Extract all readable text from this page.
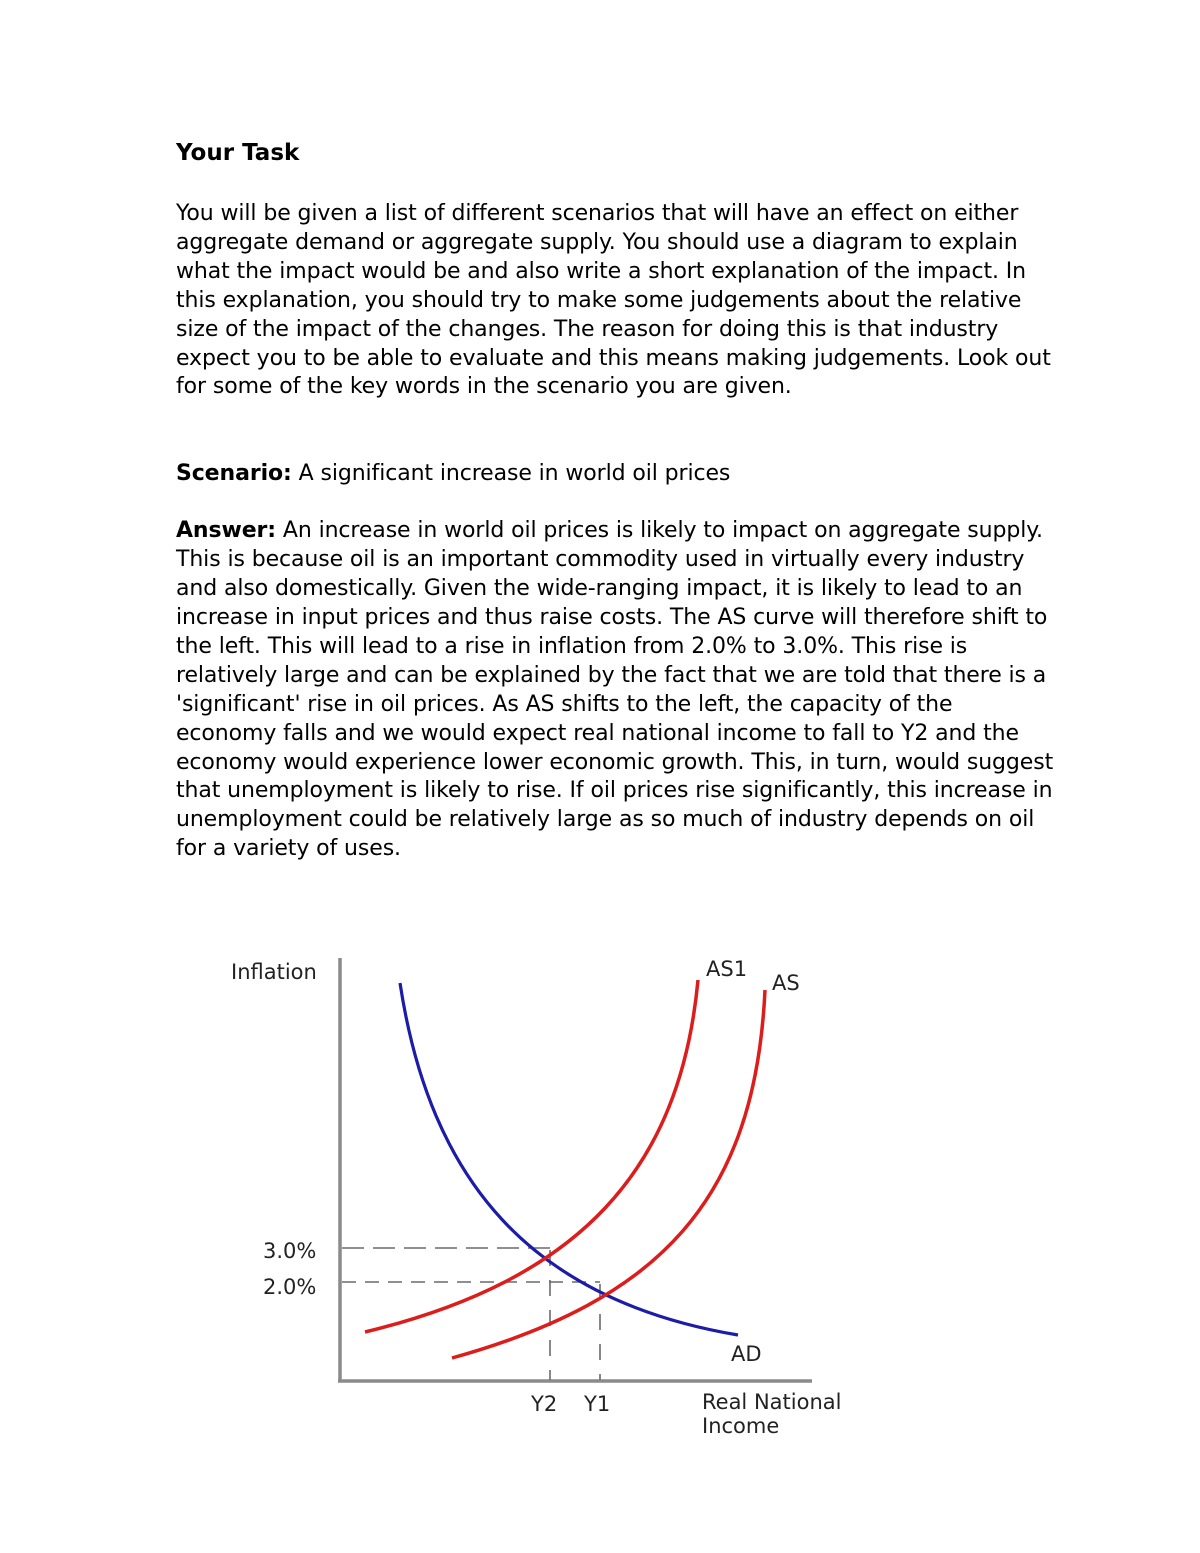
Your Task

You will be given a list of different scenarios that will have an effect on either aggregate demand or aggregate supply. You should use a diagram to explain what the impact would be and also write a short explanation of the impact. In this explanation, you should try to make some judgements about the relative size of the impact of the changes. The reason for doing this is that industry expect you to be able to evaluate and this means making judgements. Look out for some of the key words in the scenario you are given.

Scenario: A significant increase in world oil prices

Answer: An increase in world oil prices is likely to impact on aggregate supply. This is because oil is an important commodity used in virtually every industry and also domestically. Given the wide-ranging impact, it is likely to lead to an increase in input prices and thus raise costs. The AS curve will therefore shift to the left. This will lead to a rise in inflation from 2.0% to 3.0%. This rise is relatively large and can be explained by the fact that we are told that there is a 'significant' rise in oil prices. As AS shifts to the left, the capacity of the economy falls and we would expect real national income to fall to Y2 and the economy would experience lower economic growth. This, in turn, would suggest that unemployment is likely to rise. If oil prices rise significantly, this increase in unemployment could be relatively large as so much of industry depends on oil for a variety of uses.

Inflation	AS1
AS
AD
3.0%
2.0%
Y2 Y1	Real National
Income
